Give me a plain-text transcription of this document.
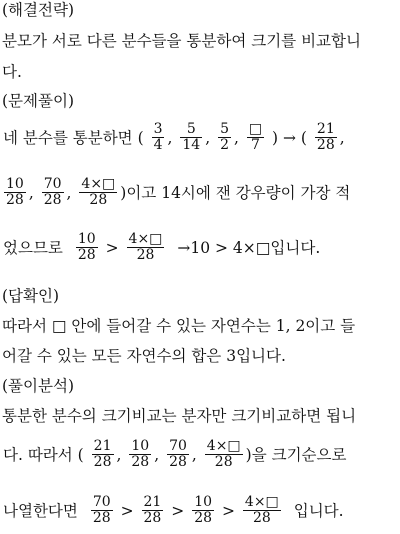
(해결전략)
분모가 서로 다른 분수들을 통분하여 크기를 비교합니
다.
(문제풀이)
네 분수를 통분하면 ( $\frac{3}{4}$ , $\frac{5}{14}$ , $\frac{5}{2}$ , $\frac{□}{7}$ ) → ( $\frac{21}{28}$ ,
$\frac{10}{28}$ , $\frac{70}{28}$ , $\frac{4\times□}{28}$ )이고 14시에 잰 강우량이 가장 적
었으므로 $\frac{10}{28} > \frac{4\times□}{28} \to 10$ > 4×□입니다.
(답확인)
따라서 □ 안에 들어갈 수 있는 자연수는 1, 2이고 들
어갈 수 있는 모든 자연수의 합은 3입니다.
(풀이분석)
통분한 분수의 크기비교는 분자만 크기비교하면 됩니
다. 따라서 ( $\frac{21}{28}$ , $\frac{10}{28}$ , $\frac{70}{28}$ , $\frac{4\times□}{28}$ )을 크기순으로
나열한다면 $\frac{70}{28} > \frac{21}{28} > \frac{10}{28} > \frac{4\times□}{28}$ 입니다.
